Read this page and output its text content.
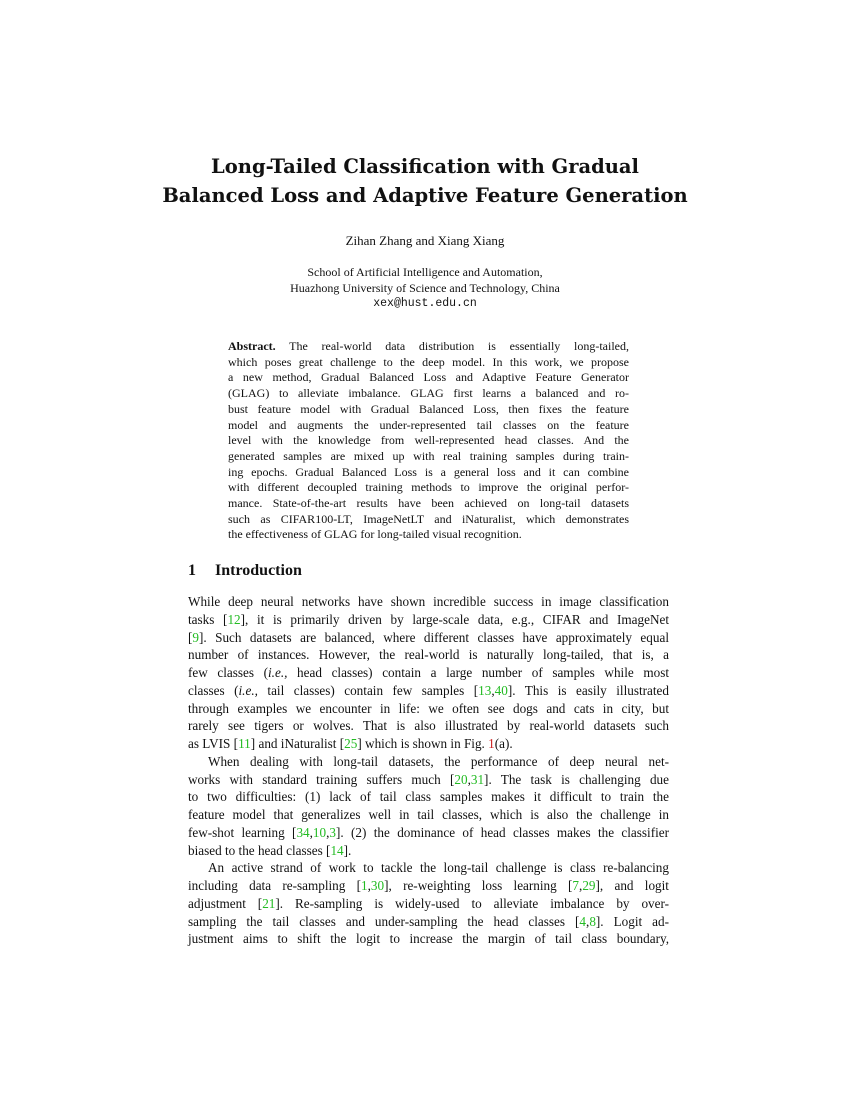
Long-Tailed Classification with Gradual
Balanced Loss and Adaptive Feature Generation
Zihan Zhang and Xiang Xiang
School of Artificial Intelligence and Automation,
Huazhong University of Science and Technology, China
xex@hust.edu.cn
Abstract. The real-world data distribution is essentially long-tailed,
which poses great challenge to the deep model. In this work, we propose
a new method, Gradual Balanced Loss and Adaptive Feature Generator
(GLAG) to alleviate imbalance. GLAG first learns a balanced and ro-
bust feature model with Gradual Balanced Loss, then fixes the feature
model and augments the under-represented tail classes on the feature
level with the knowledge from well-represented head classes. And the
generated samples are mixed up with real training samples during train-
ing epochs. Gradual Balanced Loss is a general loss and it can combine
with different decoupled training methods to improve the original perfor-
mance. State-of-the-art results have been achieved on long-tail datasets
such as CIFAR100-LT, ImageNetLT and iNaturalist, which demonstrates
the effectiveness of GLAG for long-tailed visual recognition.
1 Introduction
While deep neural networks have shown incredible success in image classification
tasks [12], it is primarily driven by large-scale data, e.g., CIFAR and ImageNet
[9]. Such datasets are balanced, where different classes have approximately equal
number of instances. However, the real-world is naturally long-tailed, that is, a
few classes (i.e., head classes) contain a large number of samples while most
classes (i.e., tail classes) contain few samples [13,40]. This is easily illustrated
through examples we encounter in life: we often see dogs and cats in city, but
rarely see tigers or wolves. That is also illustrated by real-world datasets such
as LVIS [11] and iNaturalist [25] which is shown in Fig. 1(a).
When dealing with long-tail datasets, the performance of deep neural net-
works with standard training suffers much [20,31]. The task is challenging due
to two difficulties: (1) lack of tail class samples makes it difficult to train the
feature model that generalizes well in tail classes, which is also the challenge in
few-shot learning [34,10,3]. (2) the dominance of head classes makes the classifier
biased to the head classes [14].
An active strand of work to tackle the long-tail challenge is class re-balancing
including data re-sampling [1,30], re-weighting loss learning [7,29], and logit
adjustment [21]. Re-sampling is widely-used to alleviate imbalance by over-
sampling the tail classes and under-sampling the head classes [4,8]. Logit ad-
justment aims to shift the logit to increase the margin of tail class boundary,
